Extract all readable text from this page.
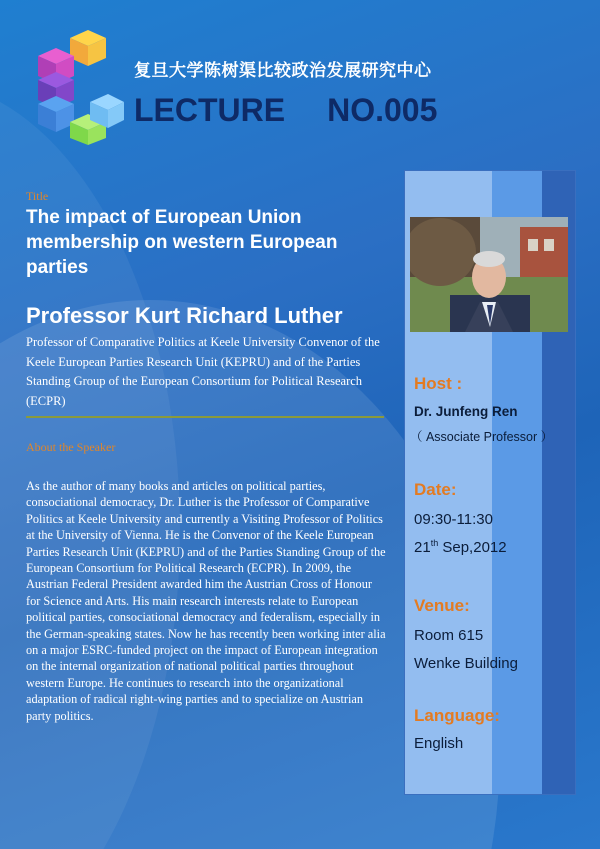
复旦大学陈树渠比较政治发展研究中心
LECTURE NO.005
Title
The impact of European Union membership on western European parties
Professor Kurt Richard Luther
Professor of Comparative Politics at Keele University Convenor of the Keele European Parties Research Unit (KEPRU) and of the Parties Standing Group of the European Consortium for Political Research (ECPR)
About the Speaker
As the author of many books and articles on political parties, consociational democracy, Dr. Luther is the Professor of Comparative Politics at Keele University and currently a Visiting Professor of Politics at the University of Vienna. He is the Convenor of the Keele European Parties Research Unit (KEPRU) and of the Parties Standing Group of the European Consortium for Political Research (ECPR). In 2009, the Austrian Federal President awarded him the Austrian Cross of Honour for Science and Arts. His main research interests relate to European political parties, consociational democracy and federalism, especially in the German-speaking states. Now he has recently been working inter alia on a major ESRC-funded project on the impact of European integration on the internal organization of national political parties throughout western Europe. He continues to research into the organizational adaptation of radical right-wing parties and to specialize on Austrian party politics.
Host :
Dr. Junfeng Ren
（ Associate Professor ）
Date:
09:30-11:30
21th Sep,2012
Venue:
Room 615
Wenke Building
Language:
English
